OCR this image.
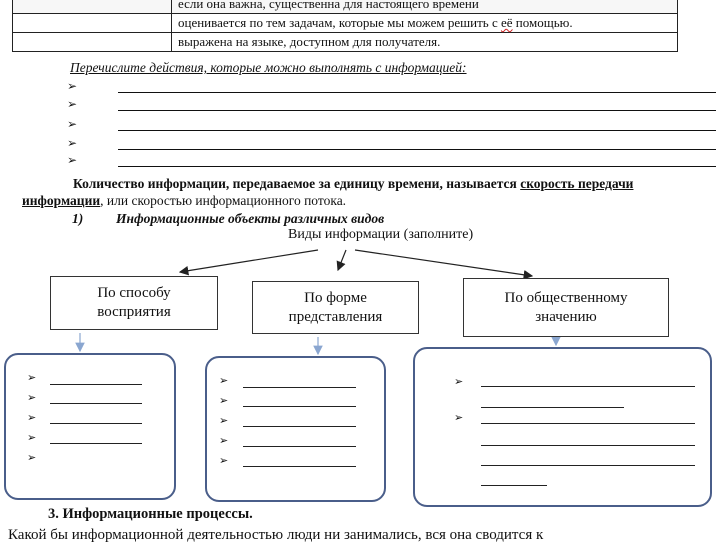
	если она важна, существенна для настоящего времени
	оценивается по тем задачам, которые мы можем решить с её помощью.
	выражена на языке, доступном для получателя.
Перечислите действия, которые можно выполнять с информацией:
➢
➢
➢
➢
➢
Количество информации, передаваемое за единицу времени, называется скорость передачи
информации, или скоростью информационного потока.
1) Информационные объекты различных видов
Виды информации (заполните)
По способу
восприятия
По форме
представления
По общественному
значению
➢
➢
➢
➢
➢
➢
➢
➢
➢
➢
➢
➢
3. Информационные процессы.
Какой бы информационной деятельностью люди ни занимались, вся она сводится к
